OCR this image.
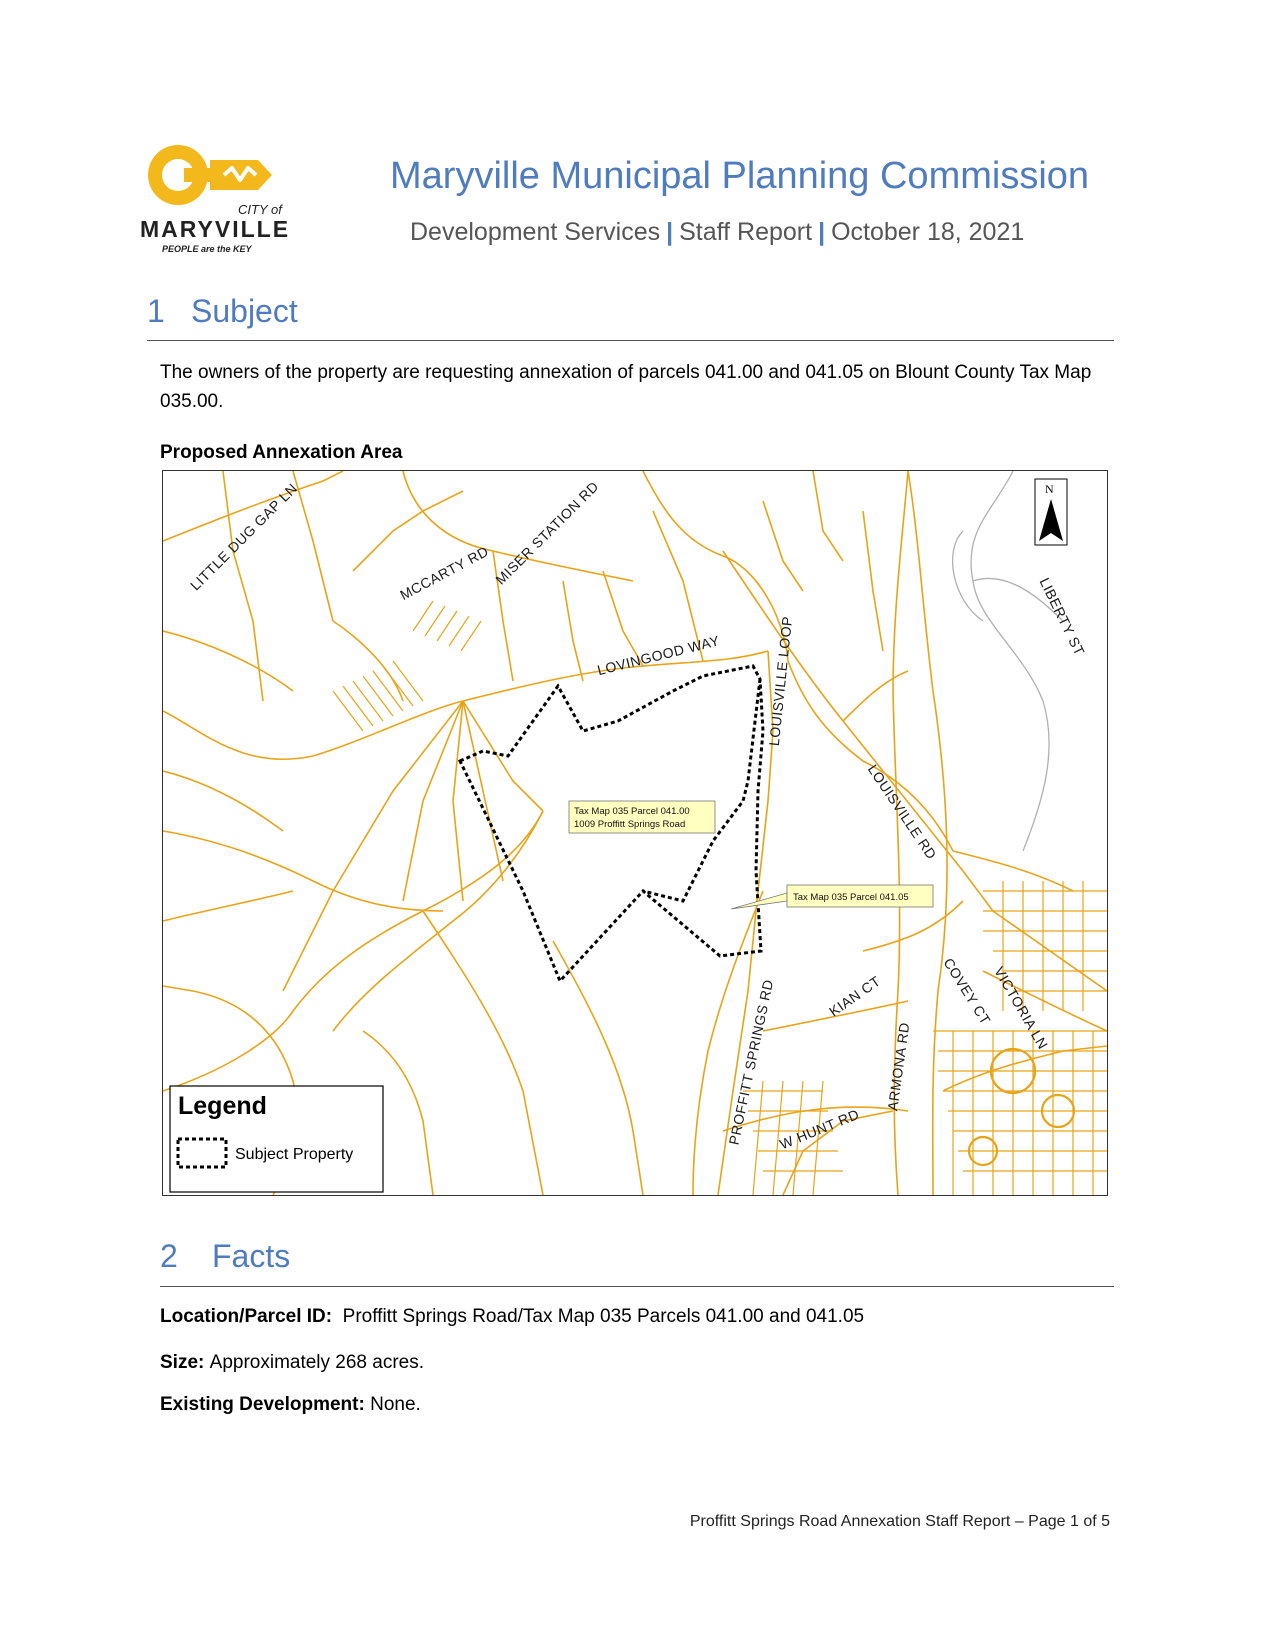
CITY of
MARYVILLE
PEOPLE are the KEY
Maryville Municipal Planning Commission
Development Services | Staff Report | October 18, 2021
1 Subject
The owners of the property are requesting annexation of parcels 041.00 and 041.05 on Blount County Tax Map 035.00.
Proposed Annexation Area
LITTLE DUG GAP LN	MCCARTY RD MISER STATION RD
LOVINGOOD WAY	LOUISVILLE LOOP
LOUISVILLE RD
LIBERTY ST
PROFFITT SPRINGS RD	KIAN CT	COVEY CT
VICTORIA LN
ARMONA RD
W HUNT RD
Tax Map 035 Parcel 041.00
1009 Proffitt Springs Road
Tax Map 035 Parcel 041.05
N
Legend
Subject Property
2 Facts
Location/Parcel ID: Proffitt Springs Road/Tax Map 035 Parcels 041.00 and 041.05
Size: Approximately 268 acres.
Existing Development: None.
Proffitt Springs Road Annexation Staff Report – Page 1 of 5
